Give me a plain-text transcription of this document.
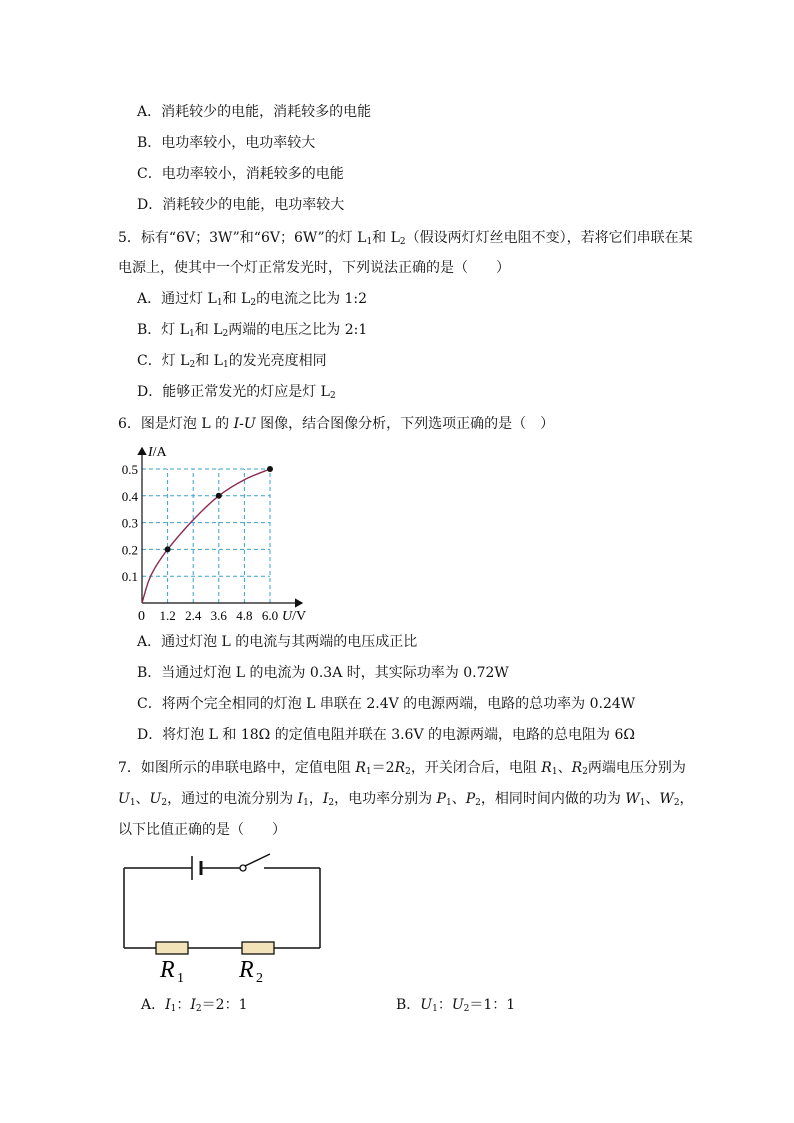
A．消耗较少的电能，消耗较多的电能
B．电功率较小，电功率较大
C．电功率较小，消耗较多的电能
D．消耗较少的电能，电功率较大
5．标有“6V；3W”和“6V；6W”的灯 $L_1$和 $L_2$（假设两灯灯丝电阻不变），若将它们串联在某
电源上，使其中一个灯正常发光时，下列说法正确的是（　　）
A．通过灯 $L_1$和 $L_2$的电流之比为 1:2
B．灯 $L_1$和 $L_2$两端的电压之比为 2:1
C．灯 $L_2$和 $L_1$的发光亮度相同
D．能够正常发光的灯应是灯 $L_2$
6．图是灯泡 L 的 I-U 图像，结合图像分析，下列选项正确的是（　）
I/A
U/V
0 1.2 2.4 3.6 4.8 6.0
0.1
0.2
0.3
0.4
0.5
A．通过灯泡 L 的电流与其两端的电压成正比
B．当通过灯泡 L 的电流为 0.3A 时，其实际功率为 0.72W
C．将两个完全相同的灯泡 L 串联在 2.4V 的电源两端，电路的总功率为 0.24W
D．将灯泡 L 和 18Ω 的定值电阻并联在 3.6V 的电源两端，电路的总电阻为 6Ω
7．如图所示的串联电路中，定值电阻 $R_1=2R_2$，开关闭合后，电阻 $R_1$、$R_2$两端电压分别为
$U_1$、$U_2$，通过的电流分别为 $I_1$，$I_2$，电功率分别为 $P_1$、$P_2$，相同时间内做的功为 $W_1$、$W_2$，
以下比值正确的是（　　）
R 1 R 2
A．$I_1$：$I_2=2$：1	B．$U_1$：$U_2=1$：1
